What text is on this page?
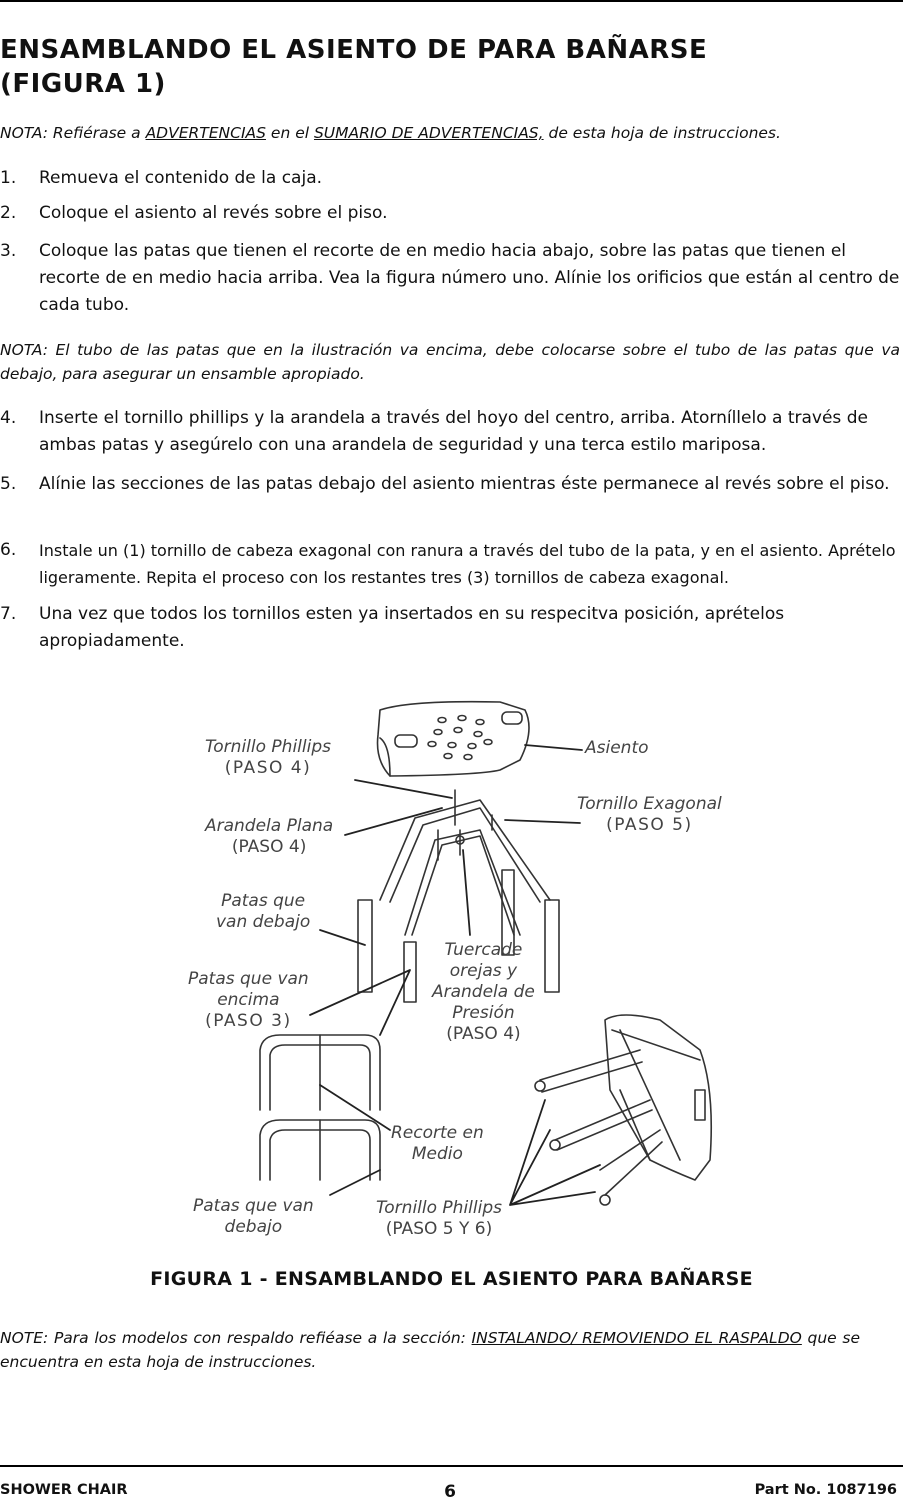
ENSAMBLANDO EL ASIENTO DE PARA BAÑARSE
(FIGURA 1)

NOTA: Refiérase a ADVERTENCIAS en el SUMARIO DE ADVERTENCIAS, de esta hoja de instrucciones.

1. Remueva el contenido de la caja.
2. Coloque el asiento al revés sobre el piso.
3. Coloque las patas que tienen el recorte de en medio hacia abajo, sobre las patas que tienen el recorte de en medio hacia arriba. Vea la figura número uno. Alínie los orificios que están al centro de cada tubo.

NOTA: El tubo de las patas que en la ilustración va encima, debe colocarse sobre el tubo de las patas que va debajo, para asegurar un ensamble apropiado.

4. Inserte el tornillo phillips y la arandela a través del hoyo del centro, arriba. Atorníllelo a través de ambas patas y asegúrelo con una arandela de seguridad y una terca estilo mariposa.
5. Alínie las secciones de las patas debajo del asiento mientras éste permanece al revés sobre el piso.
6. Instale un (1) tornillo de cabeza exagonal con ranura a través del tubo de la pata, y en el asiento. Aprételo ligeramente. Repita el proceso con los restantes tres (3) tornillos de cabeza exagonal.
7. Una vez que todos los tornillos esten ya insertados en su respecitva posición, aprételos apropiadamente.
Tornillo Phillips
(PASO 4)
Asiento
Arandela Plana
(PASO 4)
Tornillo Exagonal
(PASO 5)
Patas que
van debajo
Tuercade
orejas y
Arandela de
Presión
(PASO 4)
Patas que van
encima
(PASO 3)
Recorte en
Medio
Patas que van
debajo
Tornillo Phillips
(PASO 5 Y 6)
FIGURA 1 - ENSAMBLANDO EL ASIENTO PARA BAÑARSE

NOTE: Para los modelos con respaldo refiéase a la sección: INSTALANDO/ REMOVIENDO EL RASPALDO que se encuentra en esta hoja de instrucciones.

SHOWER CHAIR	6	Part No. 1087196
